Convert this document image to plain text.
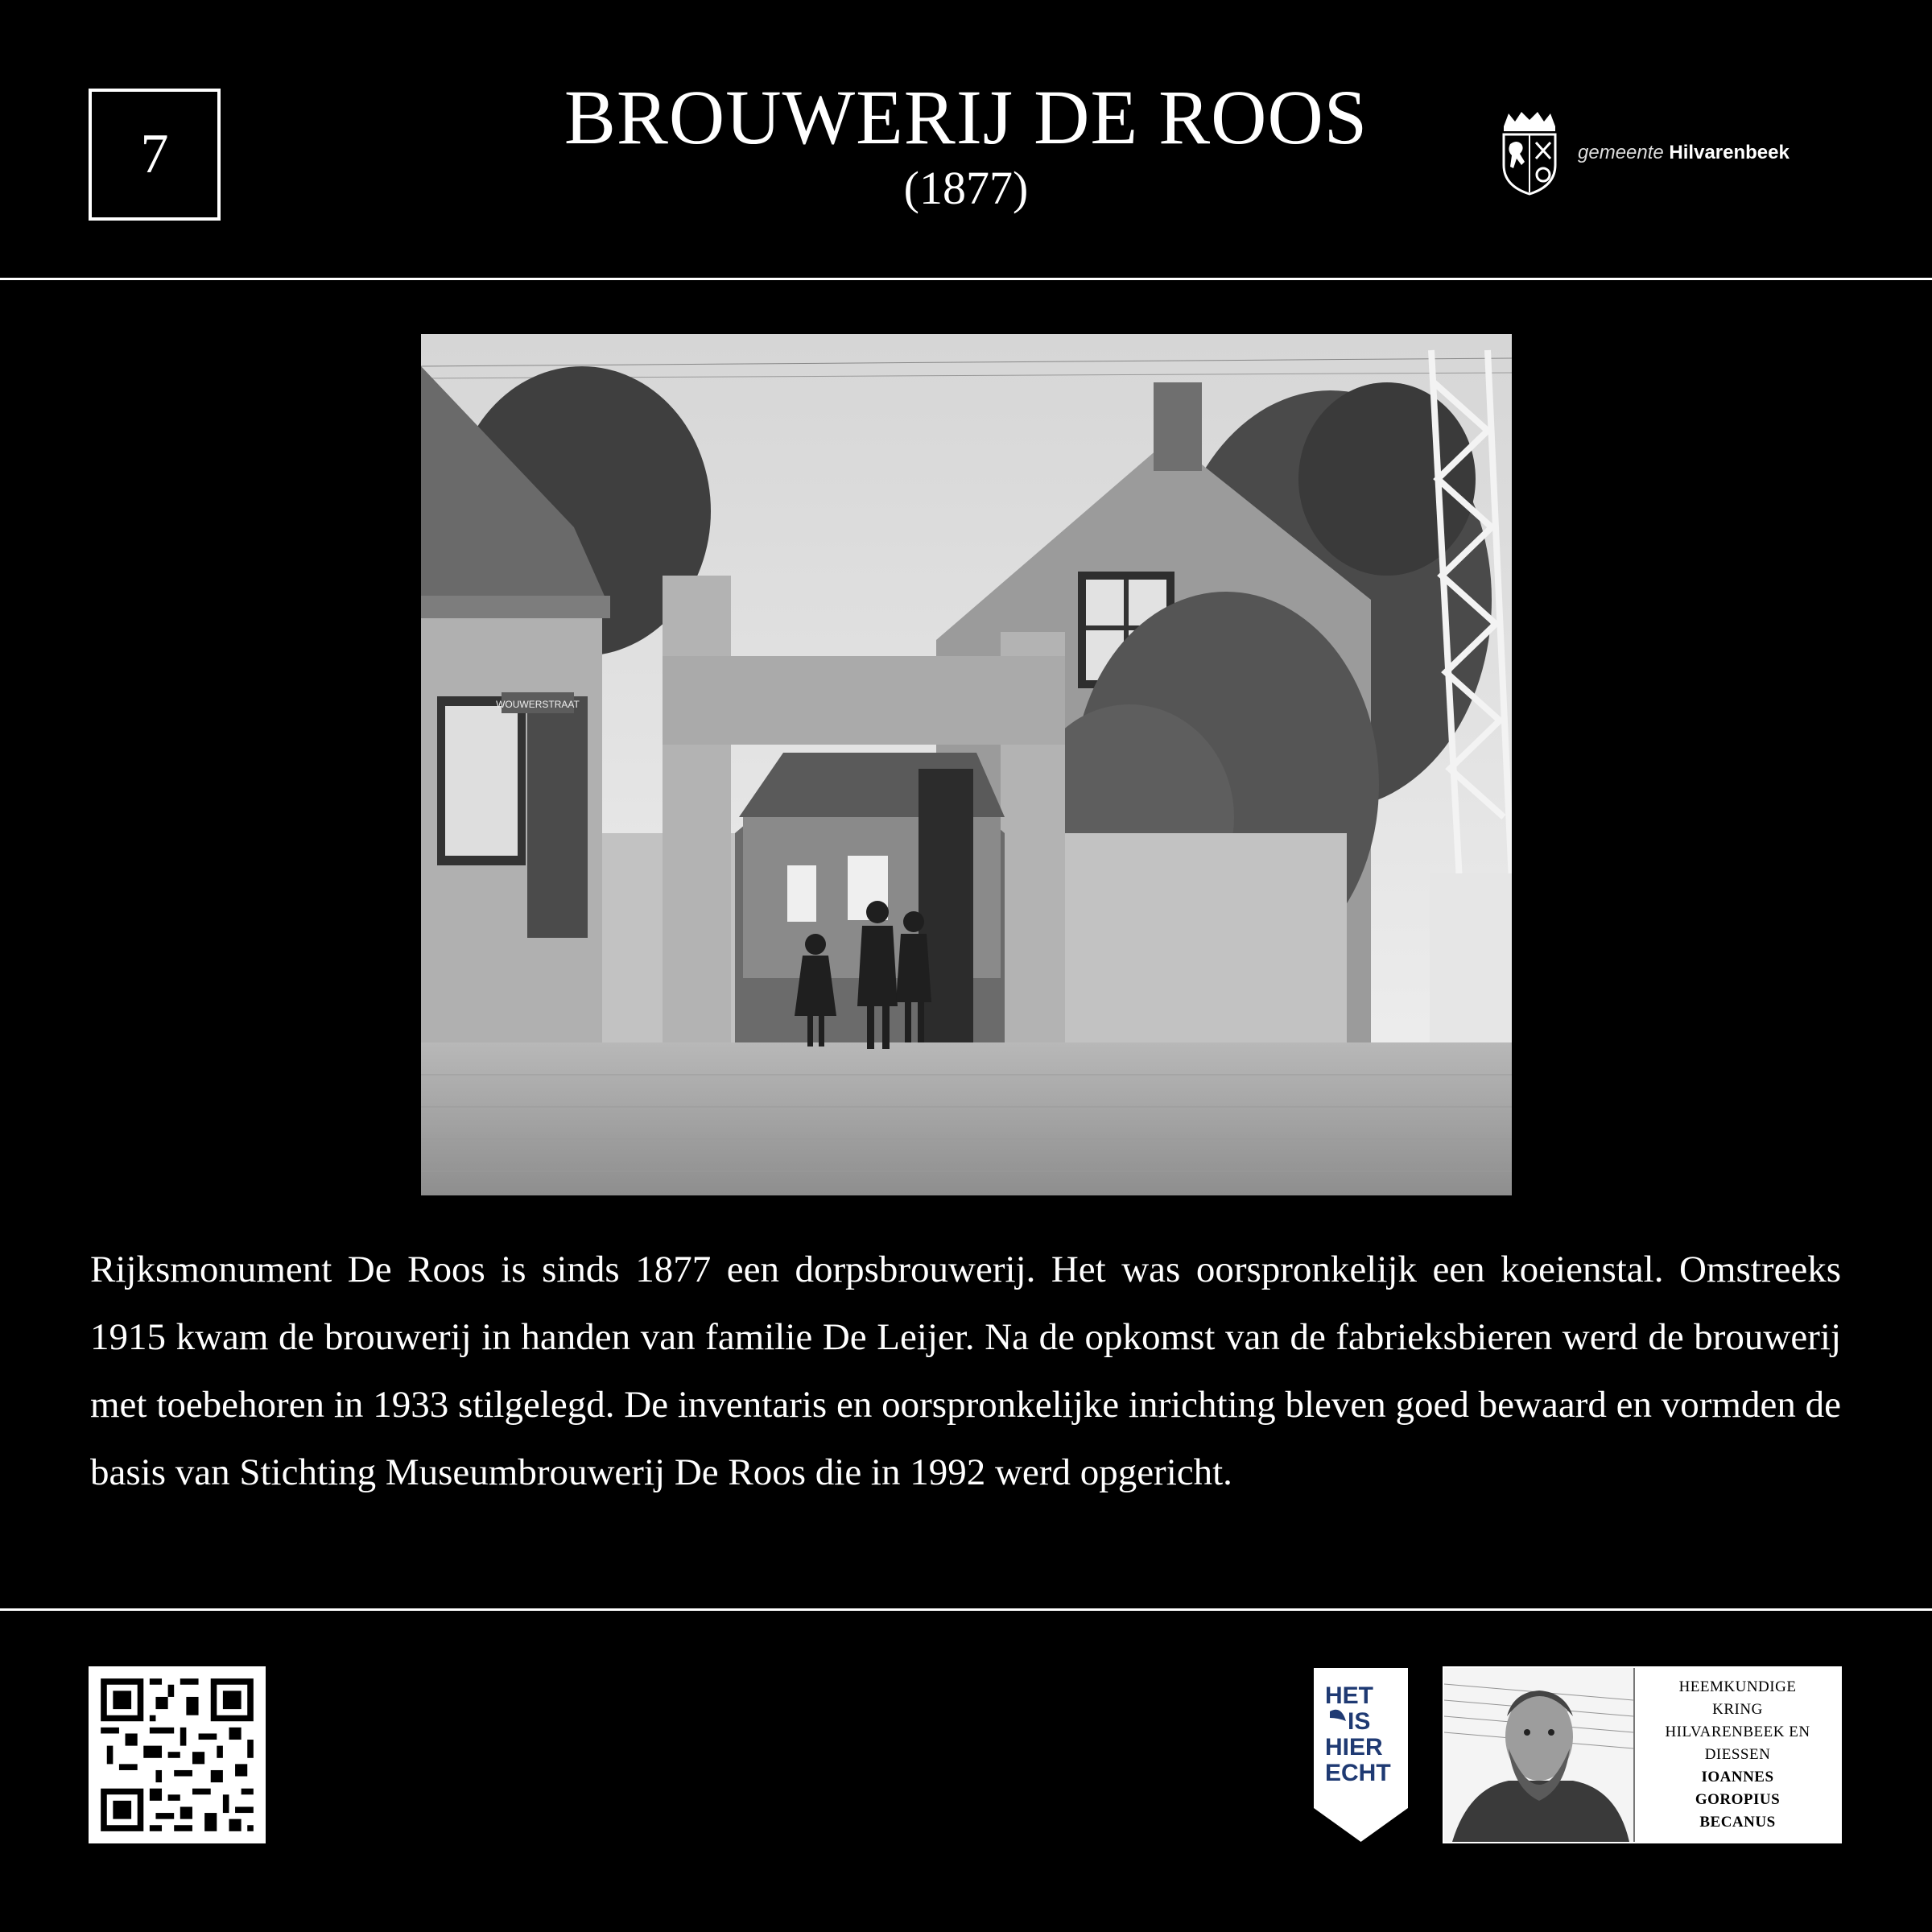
7	BROUWERIJ DE ROOS
(1877)
gemeente Hilvarenbeek
WOUWERSTRAAT

Rijksmonument De Roos is sinds 1877 een dorpsbrouwerij. Het was oorspronkelijk een koeienstal. Omstreeks 1915 kwam de brouwerij in handen van familie De Leijer. Na de opkomst van de fabrieksbieren werd de brouwerij met toebehoren in 1933 stilgelegd. De inventaris en oorspronkelijke inrichting bleven goed bewaard en vormden de basis van Stichting Museumbrouwerij De Roos die in 1992 werd opgericht.

HET
IS
HIER
ECHT
HEEMKUNDIGE
KRING
HILVARENBEEK EN
DIESSEN
IOANNES
GOROPIUS
BECANUS
